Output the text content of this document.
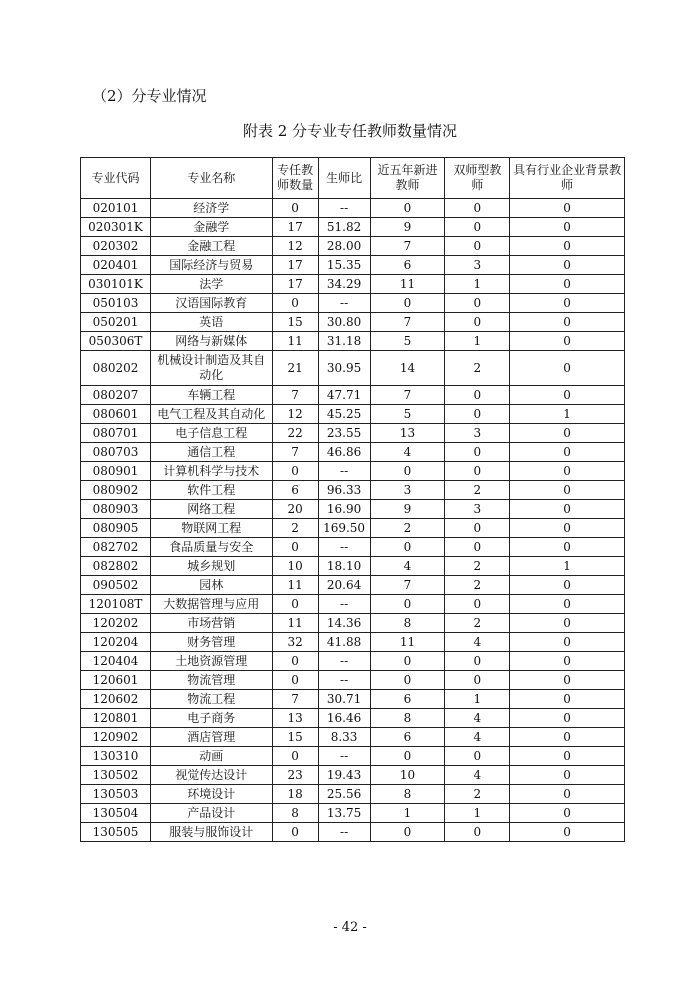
（2）分专业情况
附表 2 分专业专任教师数量情况
专业代码	专业名称	专任教师数量	生师比	近五年新进教师	双师型教师	具有行业企业背景教师
020101	经济学	0	--	0	0	0
020301K	金融学	17	51.82	9	0	0
020302	金融工程	12	28.00	7	0	0
020401	国际经济与贸易	17	15.35	6	3	0
030101K	法学	17	34.29	11	1	0
050103	汉语国际教育	0	--	0	0	0
050201	英语	15	30.80	7	0	0
050306T	网络与新媒体	11	31.18	5	1	0
080202	机械设计制造及其自动化	21	30.95	14	2	0
080207	车辆工程	7	47.71	7	0	0
080601	电气工程及其自动化	12	45.25	5	0	1
080701	电子信息工程	22	23.55	13	3	0
080703	通信工程	7	46.86	4	0	0
080901	计算机科学与技术	0	--	0	0	0
080902	软件工程	6	96.33	3	2	0
080903	网络工程	20	16.90	9	3	0
080905	物联网工程	2	169.50	2	0	0
082702	食品质量与安全	0	--	0	0	0
082802	城乡规划	10	18.10	4	2	1
090502	园林	11	20.64	7	2	0
120108T	大数据管理与应用	0	--	0	0	0
120202	市场营销	11	14.36	8	2	0
120204	财务管理	32	41.88	11	4	0
120404	土地资源管理	0	--	0	0	0
120601	物流管理	0	--	0	0	0
120602	物流工程	7	30.71	6	1	0
120801	电子商务	13	16.46	8	4	0
120902	酒店管理	15	8.33	6	4	0
130310	动画	0	--	0	0	0
130502	视觉传达设计	23	19.43	10	4	0
130503	环境设计	18	25.56	8	2	0
130504	产品设计	8	13.75	1	1	0
130505	服装与服饰设计	0	--	0	0	0
- 42 -
